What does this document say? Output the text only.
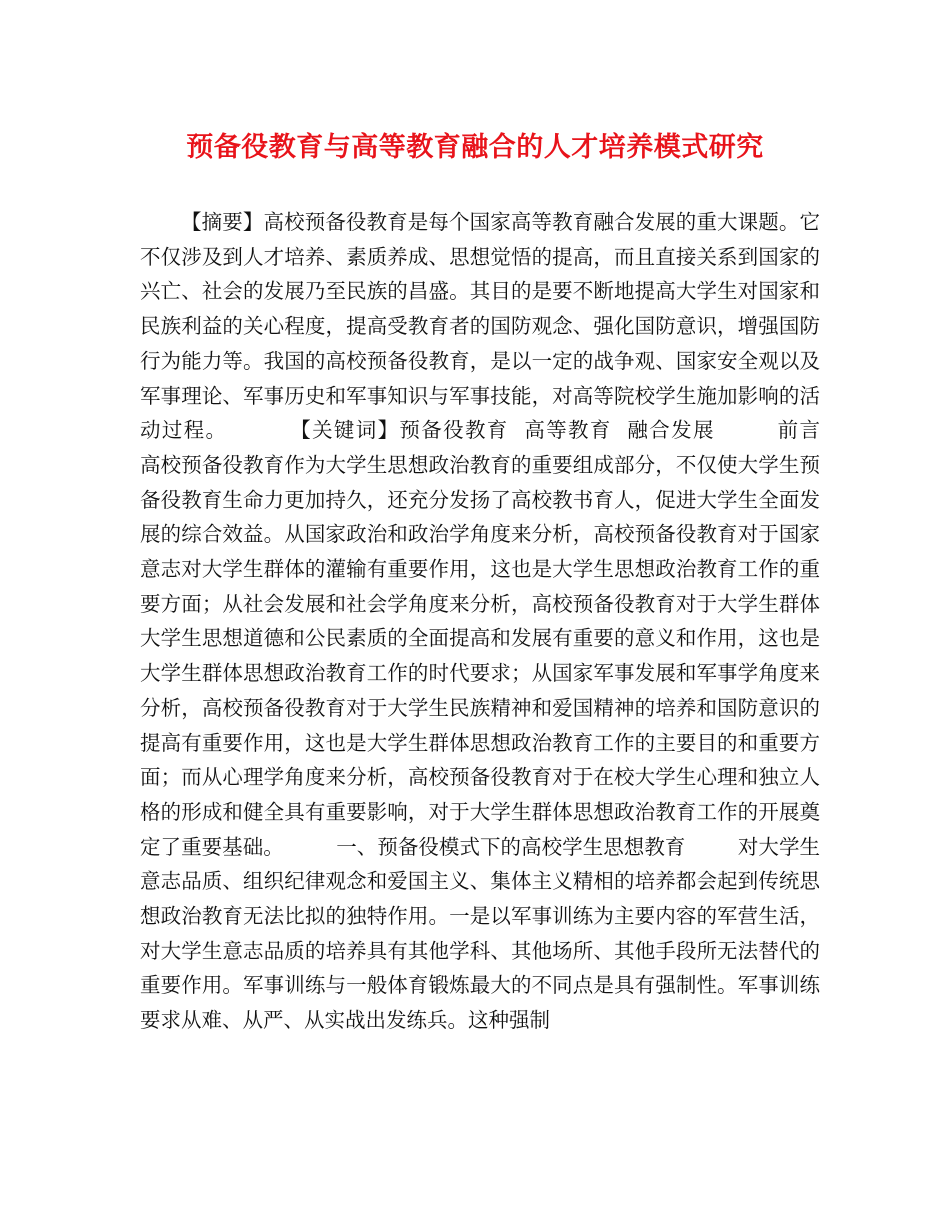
预备役教育与高等教育融合的人才培养模式研究

【摘要】高校预备役教育是每个国家高等教育融合发展的重大课题。它不仅涉及到人才培养、素质养成、思想觉悟的提高，而且直接关系到国家的兴亡、社会的发展乃至民族的昌盛。其目的是要不断地提高大学生对国家和民族利益的关心程度，提高受教育者的国防观念、强化国防意识，增强国防行为能力等。我国的高校预备役教育，是以一定的战争观、国家安全观以及军事理论、军事历史和军事知识与军事技能，对高等院校学生施加影响的活动过程。        【关键词】预备役教育  高等教育  融合发展        前言        高校预备役教育作为大学生思想政治教育的重要组成部分，不仅使大学生预备役教育生命力更加持久，还充分发扬了高校教书育人，促进大学生全面发展的综合效益。从国家政治和政治学角度来分析，高校预备役教育对于国家意志对大学生群体的灌输有重要作用，这也是大学生思想政治教育工作的重要方面；从社会发展和社会学角度来分析，高校预备役教育对于大学生群体大学生思想道德和公民素质的全面提高和发展有重要的意义和作用，这也是大学生群体思想政治教育工作的时代要求；从国家军事发展和军事学角度来分析，高校预备役教育对于大学生民族精神和爱国精神的培养和国防意识的提高有重要作用，这也是大学生群体思想政治教育工作的主要目的和重要方面；而从心理学角度来分析，高校预备役教育对于在校大学生心理和独立人格的形成和健全具有重要影响，对于大学生群体思想政治教育工作的开展奠定了重要基础。        一、预备役模式下的高校学生思想教育        对大学生意志品质、组织纪律观念和爱国主义、集体主义精相的培养都会起到传统思想政治教育无法比拟的独特作用。一是以军事训练为主要内容的军营生活，对大学生意志品质的培养具有其他学科、其他场所、其他手段所无法替代的重要作用。军事训练与一般体育锻炼最大的不同点是具有强制性。军事训练要求从难、从严、从实战出发练兵。这种强制
